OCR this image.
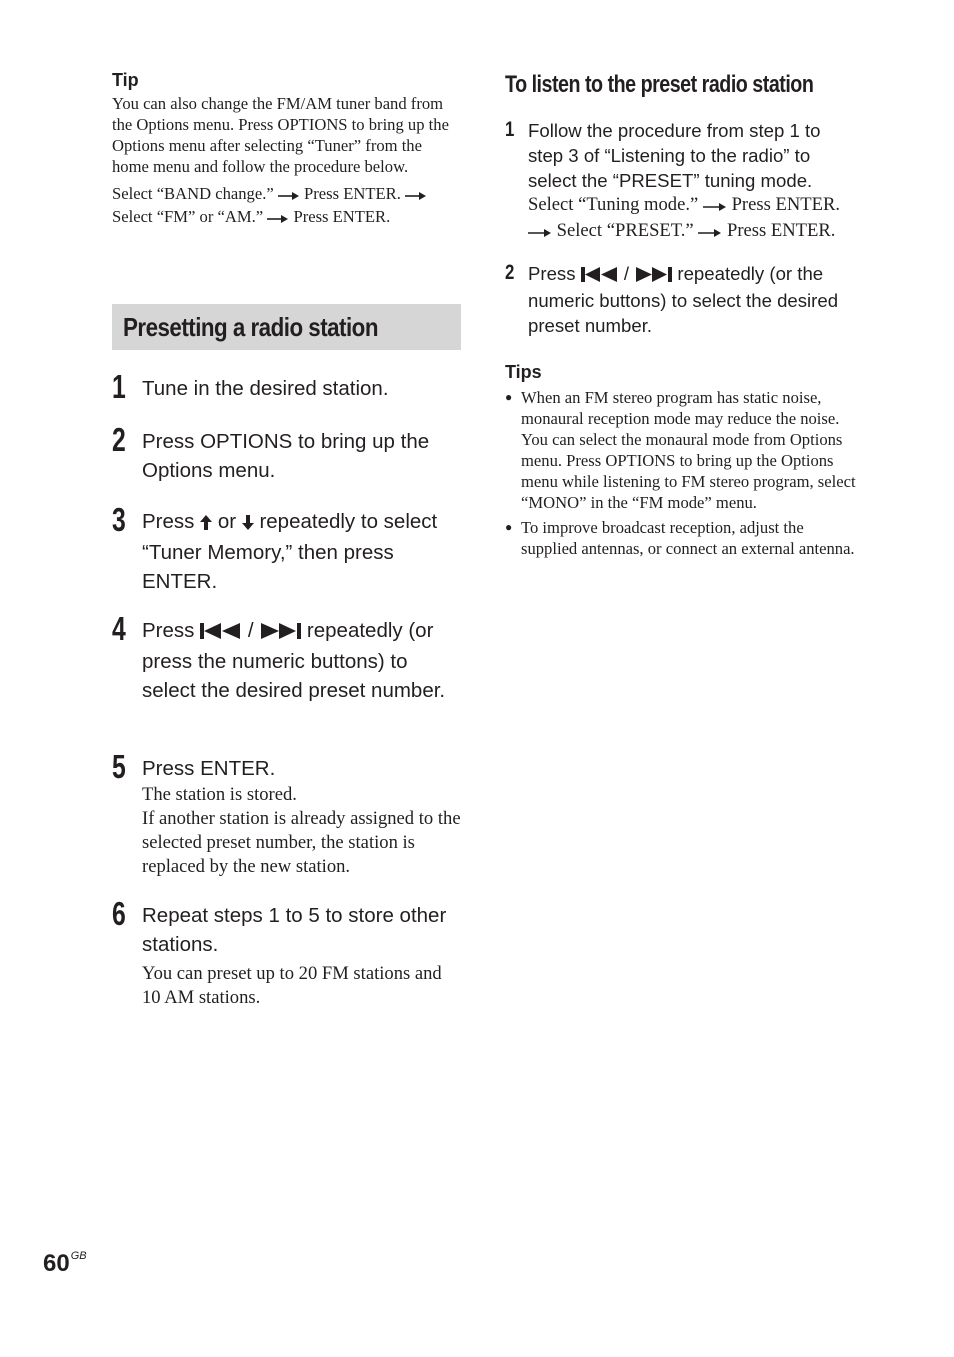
Tip

You can also change the FM/AM tuner band from the Options menu. Press OPTIONS to bring up the Options menu after selecting “Tuner” from the home menu and follow the procedure below.

Select “BAND change.” Press ENTER.  Select “FM” or “AM.” Press ENTER.

Presetting a radio station
1 Tune in the desired station.
2 Press OPTIONS to bring up the Options menu.
3 Press or repeatedly to select “Tuner Memory,” then press ENTER.
4 Press	/	repeatedly (or press the numeric buttons) to select the desired preset number.
5 Press ENTER.
The station is stored.
If another station is already assigned to the selected preset number, the station is replaced by the new station.
6 Repeat steps 1 to 5 to store other stations.
You can preset up to 20 FM stations and 10 AM stations.
To listen to the preset radio station
1 Follow the procedure from step 1 to step 3 of “Listening to the radio” to select the “PRESET” tuning mode.
Select “Tuning mode.” Press ENTER.  Select “PRESET.” Press ENTER.
2 Press	/	repeatedly (or the numeric buttons) to select the desired preset number.
Tips
● When an FM stereo program has static noise, monaural reception mode may reduce the noise. You can select the monaural mode from Options menu. Press OPTIONS to bring up the Options menu while listening to FM stereo program, select “MONO” in the “FM mode” menu.
● To improve broadcast reception, adjust the supplied antennas, or connect an external antenna.
$60^{GB}$
